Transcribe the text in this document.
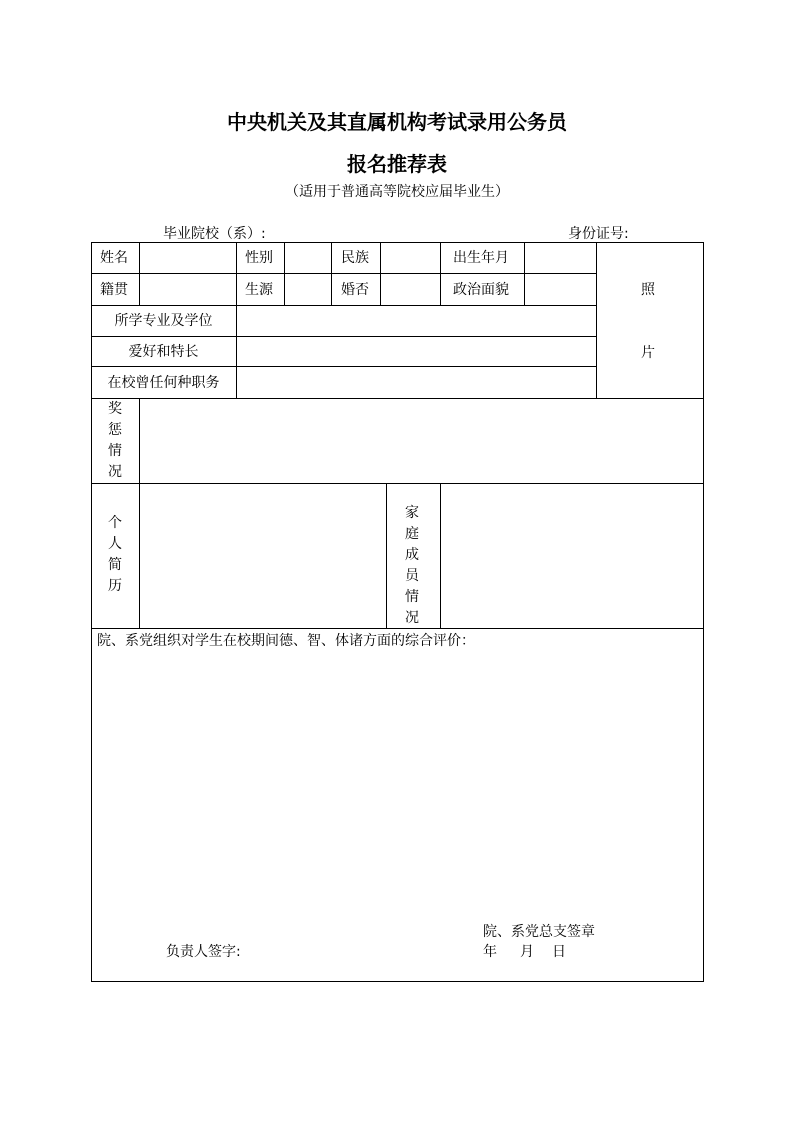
中央机关及其直属机构考试录用公务员
报名推荐表
（适用于普通高等院校应届毕业生）
毕业院校（系）:	身份证号:
姓名	性别	民族	出生年月
籍贯	生源	婚否	政治面貌	照
片
所学专业及学位
爱好和特长
在校曾任何种职务
奖
惩
情
况
个
人
简
历
家
庭
成
员
情
况
院、系党组织对学生在校期间德、智、体诸方面的综合评价：
院、系党总支签章
负责人签字:	年 月 日
